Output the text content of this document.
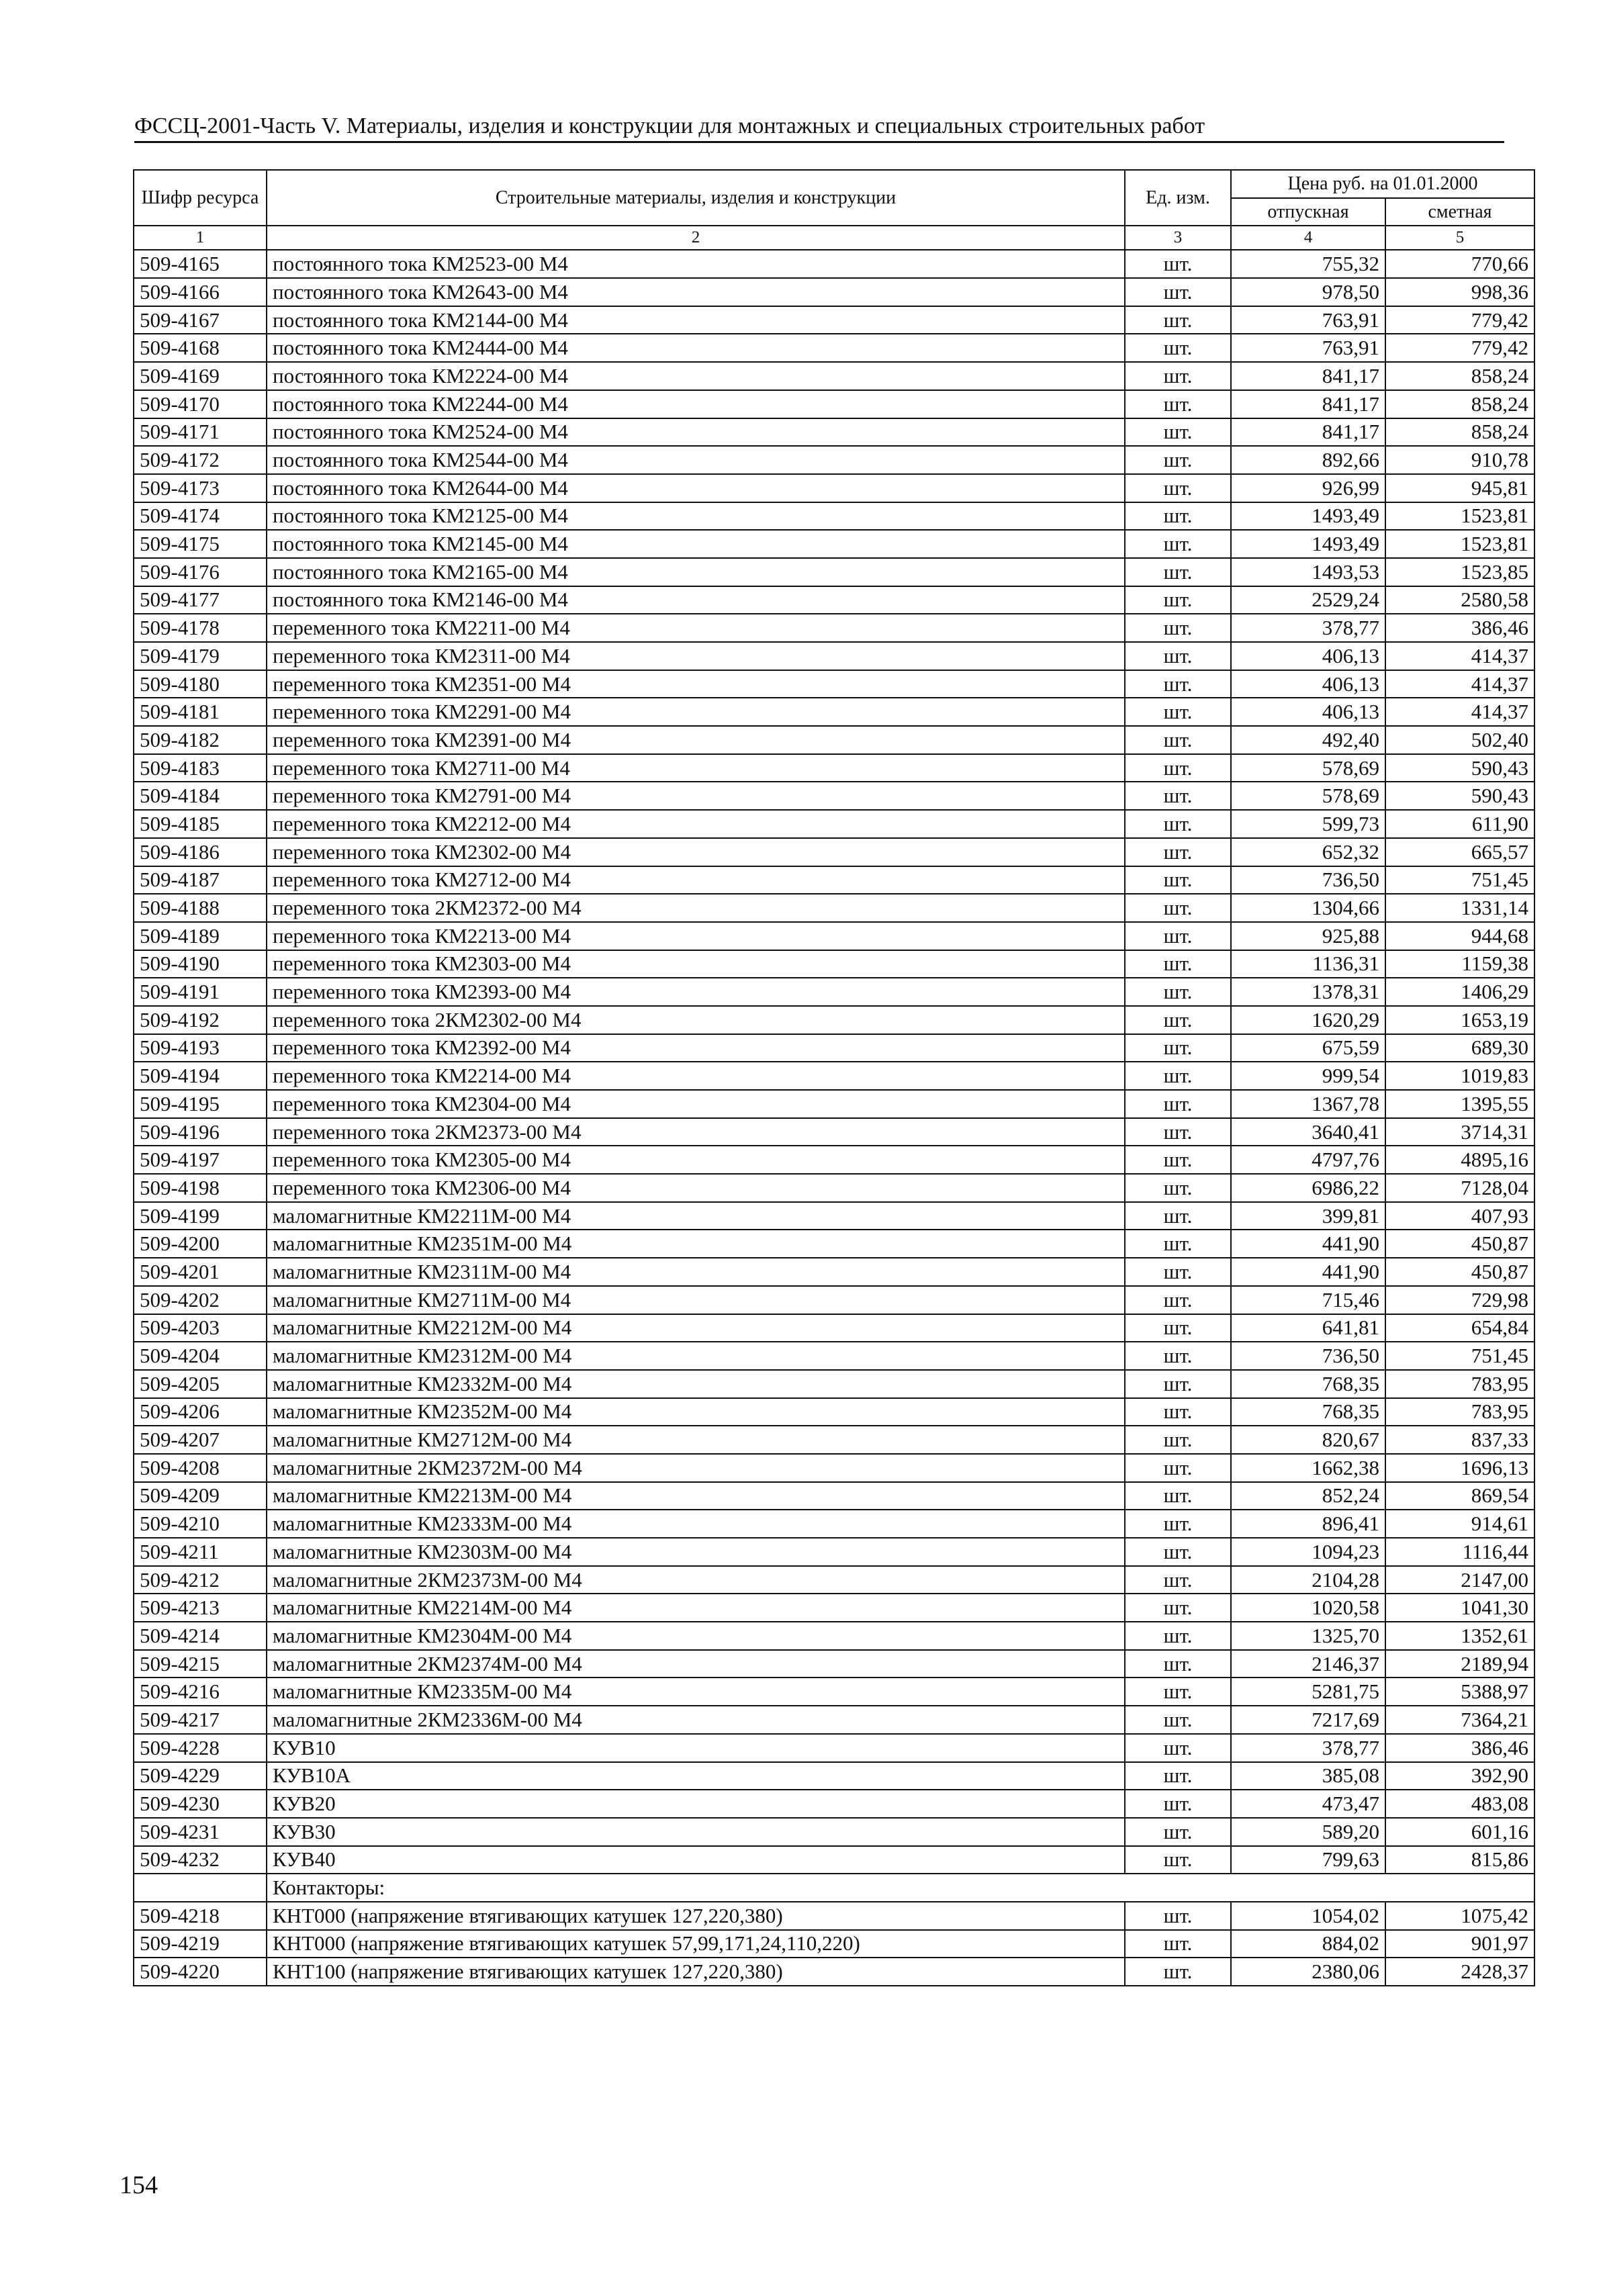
ФССЦ-2001-Часть V. Материалы, изделия и конструкции для монтажных и специальных строительных работ
Шифр ресурса	Строительные материалы, изделия и конструкции	Ед. изм.	Цена руб. на 01.01.2000	
			отпускная	сметная
1	2	3	4	5
509-4165	постоянного тока КМ2523-00 М4	шт.	755,32	770,66
509-4166	постоянного тока КМ2643-00 М4	шт.	978,50	998,36
509-4167	постоянного тока КМ2144-00 М4	шт.	763,91	779,42
509-4168	постоянного тока КМ2444-00 М4	шт.	763,91	779,42
509-4169	постоянного тока КМ2224-00 М4	шт.	841,17	858,24
509-4170	постоянного тока КМ2244-00 М4	шт.	841,17	858,24
509-4171	постоянного тока КМ2524-00 М4	шт.	841,17	858,24
509-4172	постоянного тока КМ2544-00 М4	шт.	892,66	910,78
509-4173	постоянного тока КМ2644-00 М4	шт.	926,99	945,81
509-4174	постоянного тока КМ2125-00 М4	шт.	1493,49	1523,81
509-4175	постоянного тока КМ2145-00 М4	шт.	1493,49	1523,81
509-4176	постоянного тока КМ2165-00 М4	шт.	1493,53	1523,85
509-4177	постоянного тока КМ2146-00 М4	шт.	2529,24	2580,58
509-4178	переменного тока КМ2211-00 М4	шт.	378,77	386,46
509-4179	переменного тока КМ2311-00 М4	шт.	406,13	414,37
509-4180	переменного тока КМ2351-00 М4	шт.	406,13	414,37
509-4181	переменного тока КМ2291-00 М4	шт.	406,13	414,37
509-4182	переменного тока КМ2391-00 М4	шт.	492,40	502,40
509-4183	переменного тока КМ2711-00 М4	шт.	578,69	590,43
509-4184	переменного тока КМ2791-00 М4	шт.	578,69	590,43
509-4185	переменного тока КМ2212-00 М4	шт.	599,73	611,90
509-4186	переменного тока КМ2302-00 М4	шт.	652,32	665,57
509-4187	переменного тока КМ2712-00 М4	шт.	736,50	751,45
509-4188	переменного тока 2КМ2372-00 М4	шт.	1304,66	1331,14
509-4189	переменного тока КМ2213-00 М4	шт.	925,88	944,68
509-4190	переменного тока КМ2303-00 М4	шт.	1136,31	1159,38
509-4191	переменного тока КМ2393-00 М4	шт.	1378,31	1406,29
509-4192	переменного тока 2КМ2302-00 М4	шт.	1620,29	1653,19
509-4193	переменного тока КМ2392-00 М4	шт.	675,59	689,30
509-4194	переменного тока КМ2214-00 М4	шт.	999,54	1019,83
509-4195	переменного тока КМ2304-00 М4	шт.	1367,78	1395,55
509-4196	переменного тока 2КМ2373-00 М4	шт.	3640,41	3714,31
509-4197	переменного тока КМ2305-00 М4	шт.	4797,76	4895,16
509-4198	переменного тока КМ2306-00 М4	шт.	6986,22	7128,04
509-4199	маломагнитные КМ2211М-00 М4	шт.	399,81	407,93
509-4200	маломагнитные КМ2351М-00 М4	шт.	441,90	450,87
509-4201	маломагнитные КМ2311М-00 М4	шт.	441,90	450,87
509-4202	маломагнитные КМ2711М-00 М4	шт.	715,46	729,98
509-4203	маломагнитные КМ2212М-00 М4	шт.	641,81	654,84
509-4204	маломагнитные КМ2312М-00 М4	шт.	736,50	751,45
509-4205	маломагнитные КМ2332М-00 М4	шт.	768,35	783,95
509-4206	маломагнитные КМ2352М-00 М4	шт.	768,35	783,95
509-4207	маломагнитные КМ2712М-00 М4	шт.	820,67	837,33
509-4208	маломагнитные 2КМ2372М-00 М4	шт.	1662,38	1696,13
509-4209	маломагнитные КМ2213М-00 М4	шт.	852,24	869,54
509-4210	маломагнитные КМ2333М-00 М4	шт.	896,41	914,61
509-4211	маломагнитные КМ2303М-00 М4	шт.	1094,23	1116,44
509-4212	маломагнитные 2КМ2373М-00 М4	шт.	2104,28	2147,00
509-4213	маломагнитные КМ2214М-00 М4	шт.	1020,58	1041,30
509-4214	маломагнитные КМ2304М-00 М4	шт.	1325,70	1352,61
509-4215	маломагнитные 2КМ2374М-00 М4	шт.	2146,37	2189,94
509-4216	маломагнитные КМ2335М-00 М4	шт.	5281,75	5388,97
509-4217	маломагнитные 2КМ2336М-00 М4	шт.	7217,69	7364,21
509-4228	КУВ10	шт.	378,77	386,46
509-4229	КУВ10А	шт.	385,08	392,90
509-4230	КУВ20	шт.	473,47	483,08
509-4231	КУВ30	шт.	589,20	601,16
509-4232	КУВ40	шт.	799,63	815,86
	Контакторы:			
509-4218	КНТ000 (напряжение втягивающих катушек 127,220,380)	шт.	1054,02	1075,42
509-4219	КНТ000 (напряжение втягивающих катушек 57,99,171,24,110,220)	шт.	884,02	901,97
509-4220	КНТ100 (напряжение втягивающих катушек 127,220,380)	шт.	2380,06	2428,37
154
